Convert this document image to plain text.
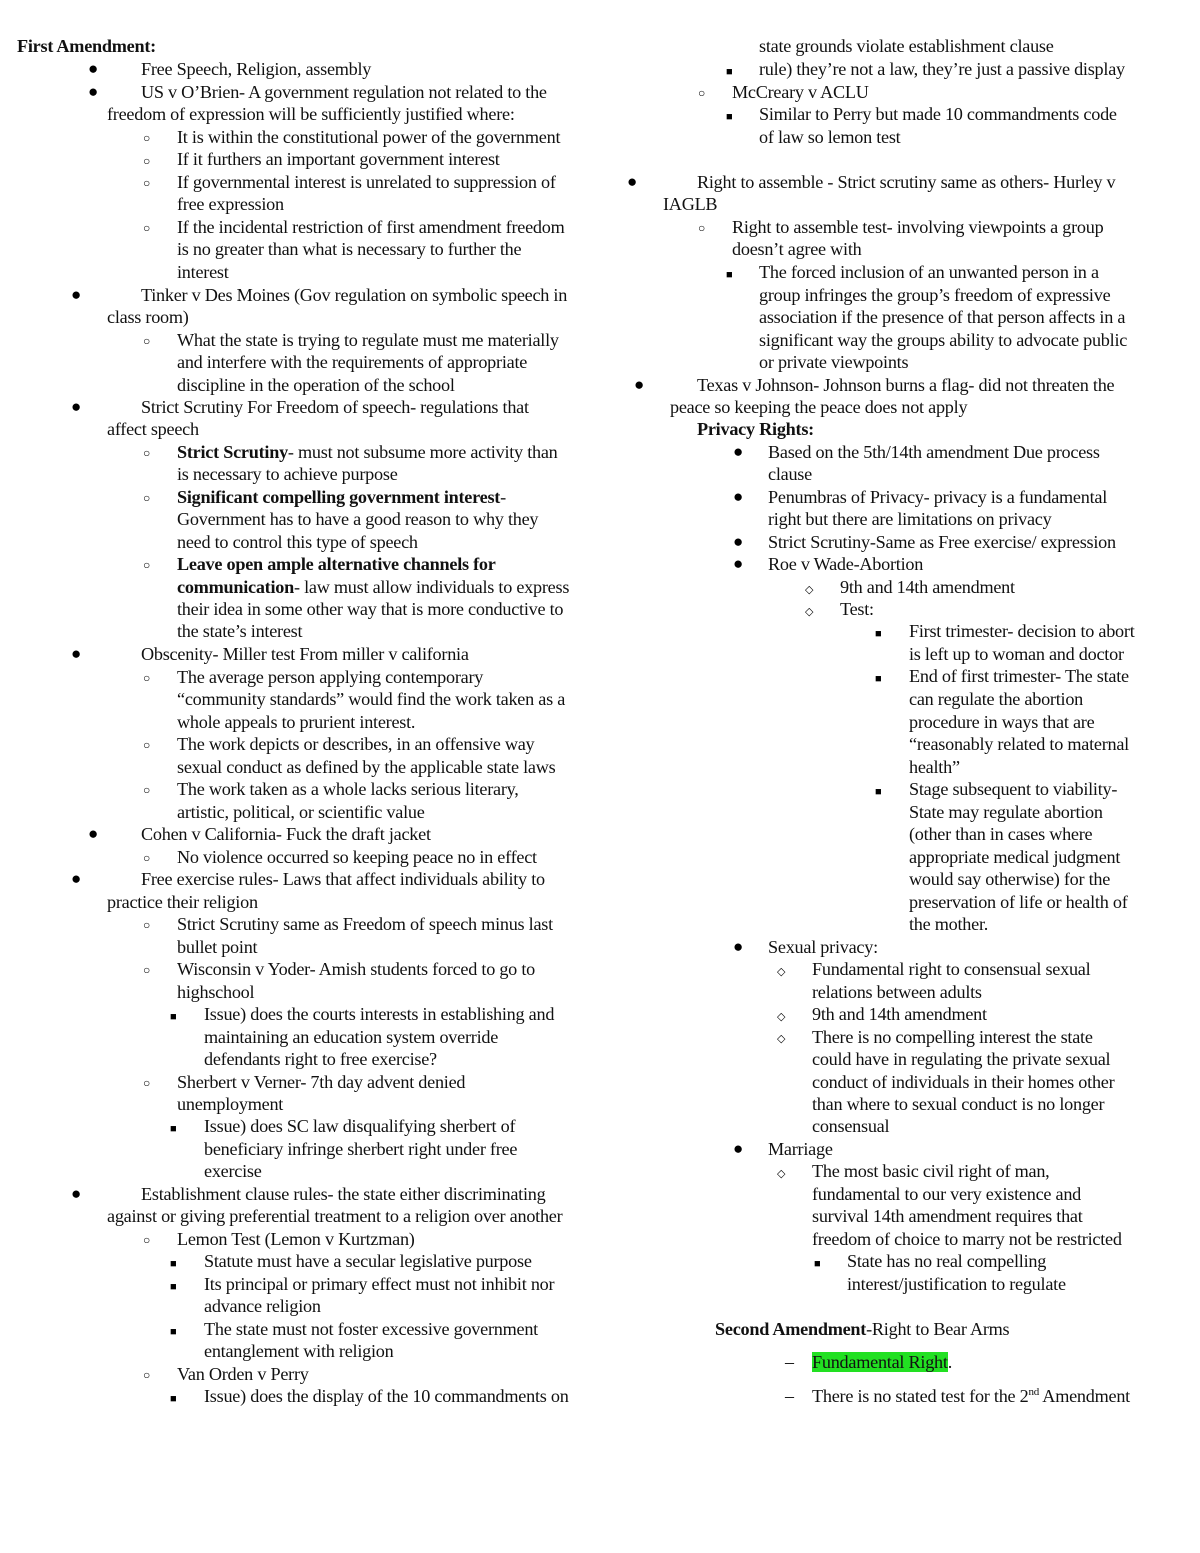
First Amendment:
● Free Speech, Religion, assembly
● US v O’Brien- A government regulation not related to the
freedom of expression will be sufficiently justified where:
○ It is within the constitutional power of the government
○ If it furthers an important government interest
○ If governmental interest is unrelated to suppression of
free expression
○ If the incidental restriction of first amendment freedom
is no greater than what is necessary to further the
interest
●	Tinker v Des Moines (Gov regulation on symbolic speech in
class room)
○ What the state is trying to regulate must me materially
and interfere with the requirements of appropriate
discipline in the operation of the school
●	Strict Scrutiny For Freedom of speech- regulations that
affect speech
○ Strict Scrutiny- must not subsume more activity than
is necessary to achieve purpose
○ Significant compelling government interest-
Government has to have a good reason to why they
need to control this type of speech
○ Leave open ample alternative channels for
communication- law must allow individuals to express
their idea in some other way that is more conductive to
the state’s interest
●	Obscenity- Miller test From miller v california
○ The average person applying contemporary
“community standards” would find the work taken as a
whole appeals to prurient interest.
○ The work depicts or describes, in an offensive way
sexual conduct as defined by the applicable state laws
○ The work taken as a whole lacks serious literary,
artistic, political, or scientific value
● Cohen v California- Fuck the draft jacket
○ No violence occurred so keeping peace no in effect
●	Free exercise rules- Laws that affect individuals ability to
practice their religion
○ Strict Scrutiny same as Freedom of speech minus last
bullet point
○ Wisconsin v Yoder- Amish students forced to go to
highschool
■ Issue) does the courts interests in establishing and
maintaining an education system override
defendants right to free exercise?
○ Sherbert v Verner- 7th day advent denied
unemployment
■ Issue) does SC law disqualifying sherbert of
beneficiary infringe sherbert right under free
exercise
●	Establishment clause rules- the state either discriminating
against or giving preferential treatment to a religion over another
○ Lemon Test (Lemon v Kurtzman)
■ Statute must have a secular legislative purpose
■ Its principal or primary effect must not inhibit nor
advance religion
■ The state must not foster excessive government
entanglement with religion
○ Van Orden v Perry
■ Issue) does the display of the 10 commandments on
state grounds violate establishment clause
■ rule) they’re not a law, they’re just a passive display
○ McCreary v ACLU
■ Similar to Perry but made 10 commandments code
of law so lemon test
●	Right to assemble - Strict scrutiny same as others- Hurley v
IAGLB
○ Right to assemble test- involving viewpoints a group
doesn’t agree with
■ The forced inclusion of an unwanted person in a
group infringes the group’s freedom of expressive
association if the presence of that person affects in a
significant way the groups ability to advocate public
or private viewpoints
●	Texas v Johnson- Johnson burns a flag- did not threaten the
peace so keeping the peace does not apply
Privacy Rights:
● Based on the 5th/14th amendment Due process
clause
● Penumbras of Privacy- privacy is a fundamental
right but there are limitations on privacy
● Strict Scrutiny-Same as Free exercise/ expression
● Roe v Wade-Abortion
◇ 9th and 14th amendment
◇ Test:
■ First trimester- decision to abort
is left up to woman and doctor
■ End of first trimester- The state
can regulate the abortion
procedure in ways that are
“reasonably related to maternal
health”
■ Stage subsequent to viability-
State may regulate abortion
(other than in cases where
appropriate medical judgment
would say otherwise) for the
preservation of life or health of
the mother.
● Sexual privacy:
◇ Fundamental right to consensual sexual
relations between adults
◇ 9th and 14th amendment
◇ There is no compelling interest the state
could have in regulating the private sexual
conduct of individuals in their homes other
than where to sexual conduct is no longer
consensual
● Marriage
◇ The most basic civil right of man,
fundamental to our very existence and
survival 14th amendment requires that
freedom of choice to marry not be restricted
■ State has no real compelling
interest/justification to regulate
Second Amendment-Right to Bear Arms
– Fundamental Right.
– There is no stated test for the 2nd Amendment
